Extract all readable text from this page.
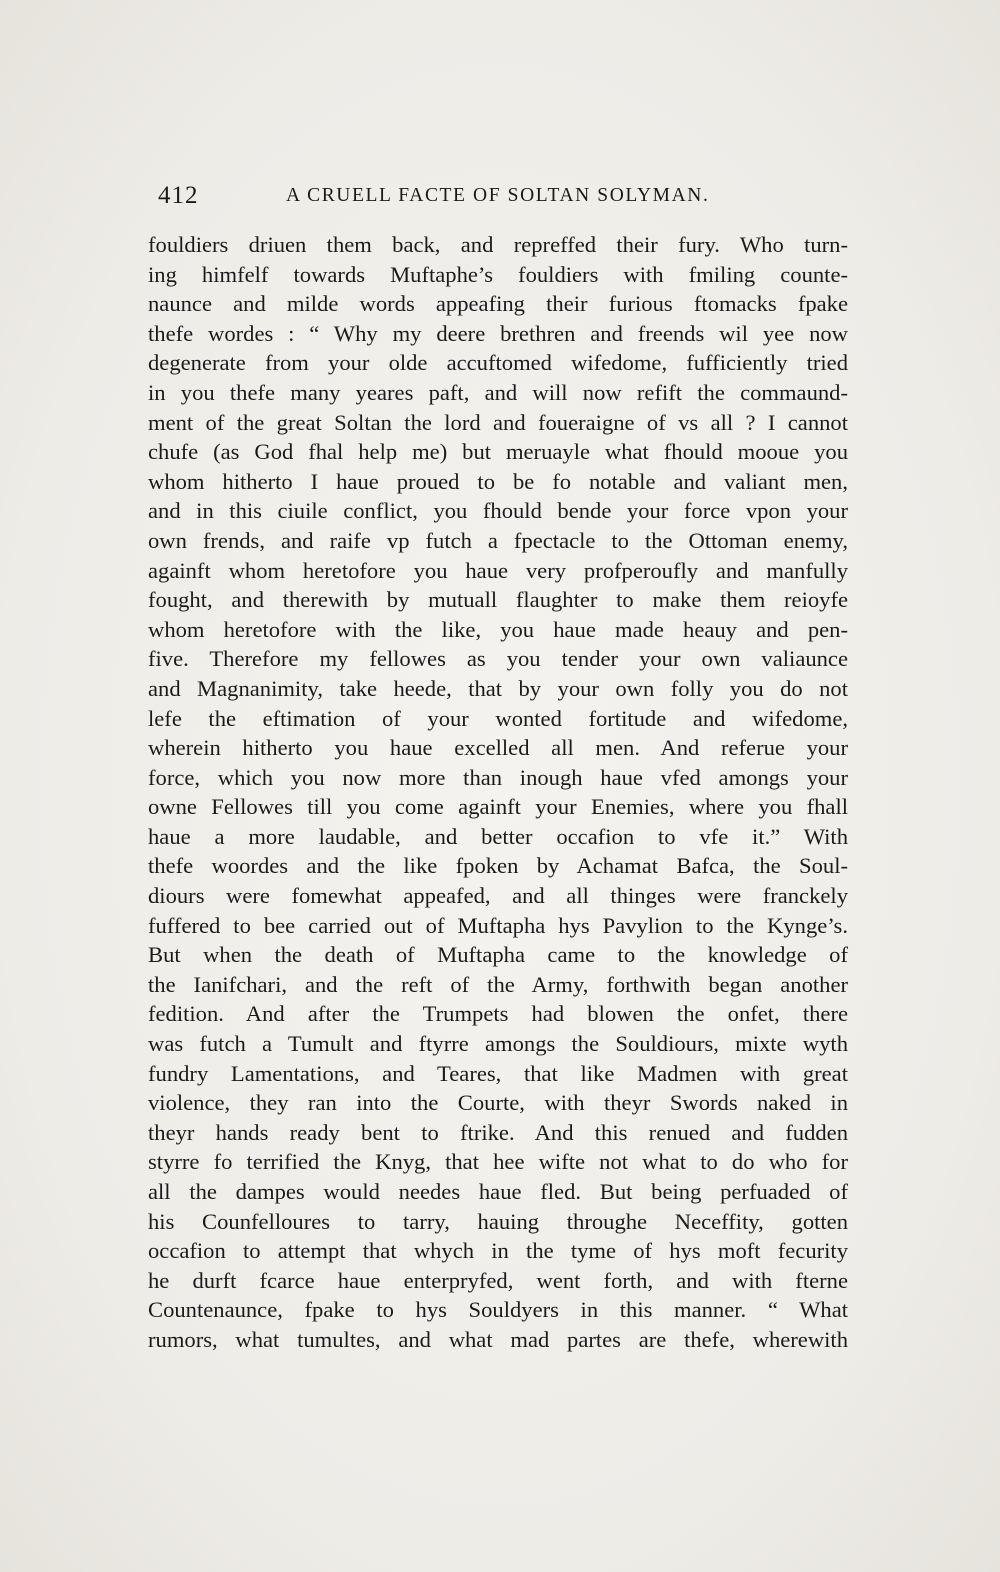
412	A CRUELL FACTE OF SOLTAN SOLYMAN.
fouldiers driuen them back, and repreffed their fury. Who turn-
ing himfelf towards Muftaphe’s fouldiers with fmiling counte-
naunce and milde words appeafing their furious ftomacks fpake
thefe wordes : “ Why my deere brethren and freends wil yee now
degenerate from your olde accuftomed wifedome, fufficiently tried
in you thefe many yeares paft, and will now refift the commaund-
ment of the great Soltan the lord and foueraigne of vs all ? I cannot
chufe (as God fhal help me) but meruayle what fhould mooue you
whom hitherto I haue proued to be fo notable and valiant men,
and in this ciuile conflict, you fhould bende your force vpon your
own frends, and raife vp futch a fpectacle to the Ottoman enemy,
againft whom heretofore you haue very profperoufly and manfully
fought, and therewith by mutuall flaughter to make them reioyfe
whom heretofore with the like, you haue made heauy and pen-
five. Therefore my fellowes as you tender your own valiaunce
and Magnanimity, take heede, that by your own folly you do not
lefe the eftimation of your wonted fortitude and wifedome,
wherein hitherto you haue excelled all men. And referue your
force, which you now more than inough haue vfed amongs your
owne Fellowes till you come againft your Enemies, where you fhall
haue a more laudable, and better occafion to vfe it.” With
thefe woordes and the like fpoken by Achamat Bafca, the Soul-
diours were fomewhat appeafed, and all thinges were franckely
fuffered to bee carried out of Muftapha hys Pavylion to the Kynge’s.
But when the death of Muftapha came to the knowledge of
the Ianifchari, and the reft of the Army, forthwith began another
fedition. And after the Trumpets had blowen the onfet, there
was futch a Tumult and ftyrre amongs the Souldiours, mixte wyth
fundry Lamentations, and Teares, that like Madmen with great
violence, they ran into the Courte, with theyr Swords naked in
theyr hands ready bent to ftrike. And this renued and fudden
styrre fo terrified the Knyg, that hee wifte not what to do who for
all the dampes would needes haue fled. But being perfuaded of
his Counfelloures to tarry, hauing throughe Neceffity, gotten
occafion to attempt that whych in the tyme of hys moft fecurity
he durft fcarce haue enterpryfed, went forth, and with fterne
Countenaunce, fpake to hys Souldyers in this manner. “ What
rumors, what tumultes, and what mad partes are thefe, wherewith
